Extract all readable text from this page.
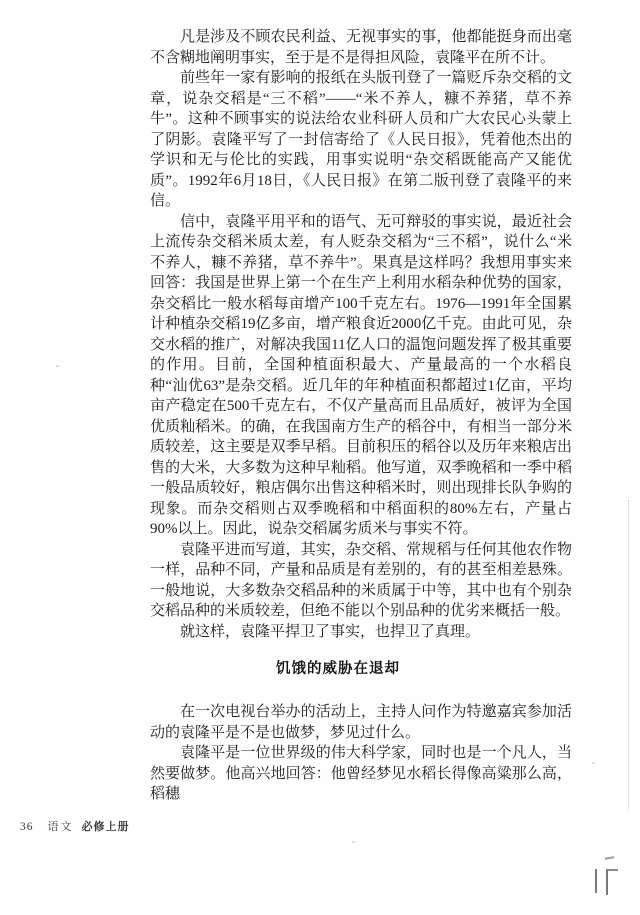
凡是涉及不顾农民利益、无视事实的事，他都能挺身而出毫不含糊地阐明事实，至于是不是得担风险，袁隆平在所不计。

前些年一家有影响的报纸在头版刊登了一篇贬斥杂交稻的文章，说杂交稻是“三不稻”——“米不养人，糠不养猪，草不养牛”。这种不顾事实的说法给农业科研人员和广大农民心头蒙上了阴影。袁隆平写了一封信寄给了《人民日报》，凭着他杰出的学识和无与伦比的实践，用事实说明“杂交稻既能高产又能优质”。1992年6月18日，《人民日报》在第二版刊登了袁隆平的来信。

信中，袁隆平用平和的语气、无可辩驳的事实说，最近社会上流传杂交稻米质太差，有人贬杂交稻为“三不稻”，说什么“米不养人，糠不养猪，草不养牛”。果真是这样吗？我想用事实来回答：我国是世界上第一个在生产上利用水稻杂种优势的国家，杂交稻比一般水稻每亩增产100千克左右。1976—1991年全国累计种植杂交稻19亿多亩，增产粮食近2000亿千克。由此可见，杂交水稻的推广，对解决我国11亿人口的温饱问题发挥了极其重要的作用。目前，全国种植面积最大、产量最高的一个水稻良种“汕优63”是杂交稻。近几年的年种植面积都超过1亿亩，平均亩产稳定在500千克左右，不仅产量高而且品质好，被评为全国优质籼稻米。的确，在我国南方生产的稻谷中，有相当一部分米质较差，这主要是双季早稻。目前积压的稻谷以及历年来粮店出售的大米，大多数为这种早籼稻。他写道，双季晚稻和一季中稻一般品质较好，粮店偶尔出售这种稻米时，则出现排长队争购的现象。而杂交稻则占双季晚稻和中稻面积的80%左右，产量占90%以上。因此，说杂交稻属劣质米与事实不符。

袁隆平进而写道，其实，杂交稻、常规稻与任何其他农作物一样，品种不同，产量和品质是有差别的，有的甚至相差悬殊。一般地说，大多数杂交稻品种的米质属于中等，其中也有个别杂交稻品种的米质较差，但绝不能以个别品种的优劣来概括一般。

就这样，袁隆平捍卫了事实，也捍卫了真理。

饥饿的威胁在退却

在一次电视台举办的活动上，主持人问作为特邀嘉宾参加活动的袁隆平是不是也做梦，梦见过什么。

袁隆平是一位世界级的伟大科学家，同时也是一个凡人，当然要做梦。他高兴地回答：他曾经梦见水稻长得像高粱那么高，稻穗

36 语文 必修上册
